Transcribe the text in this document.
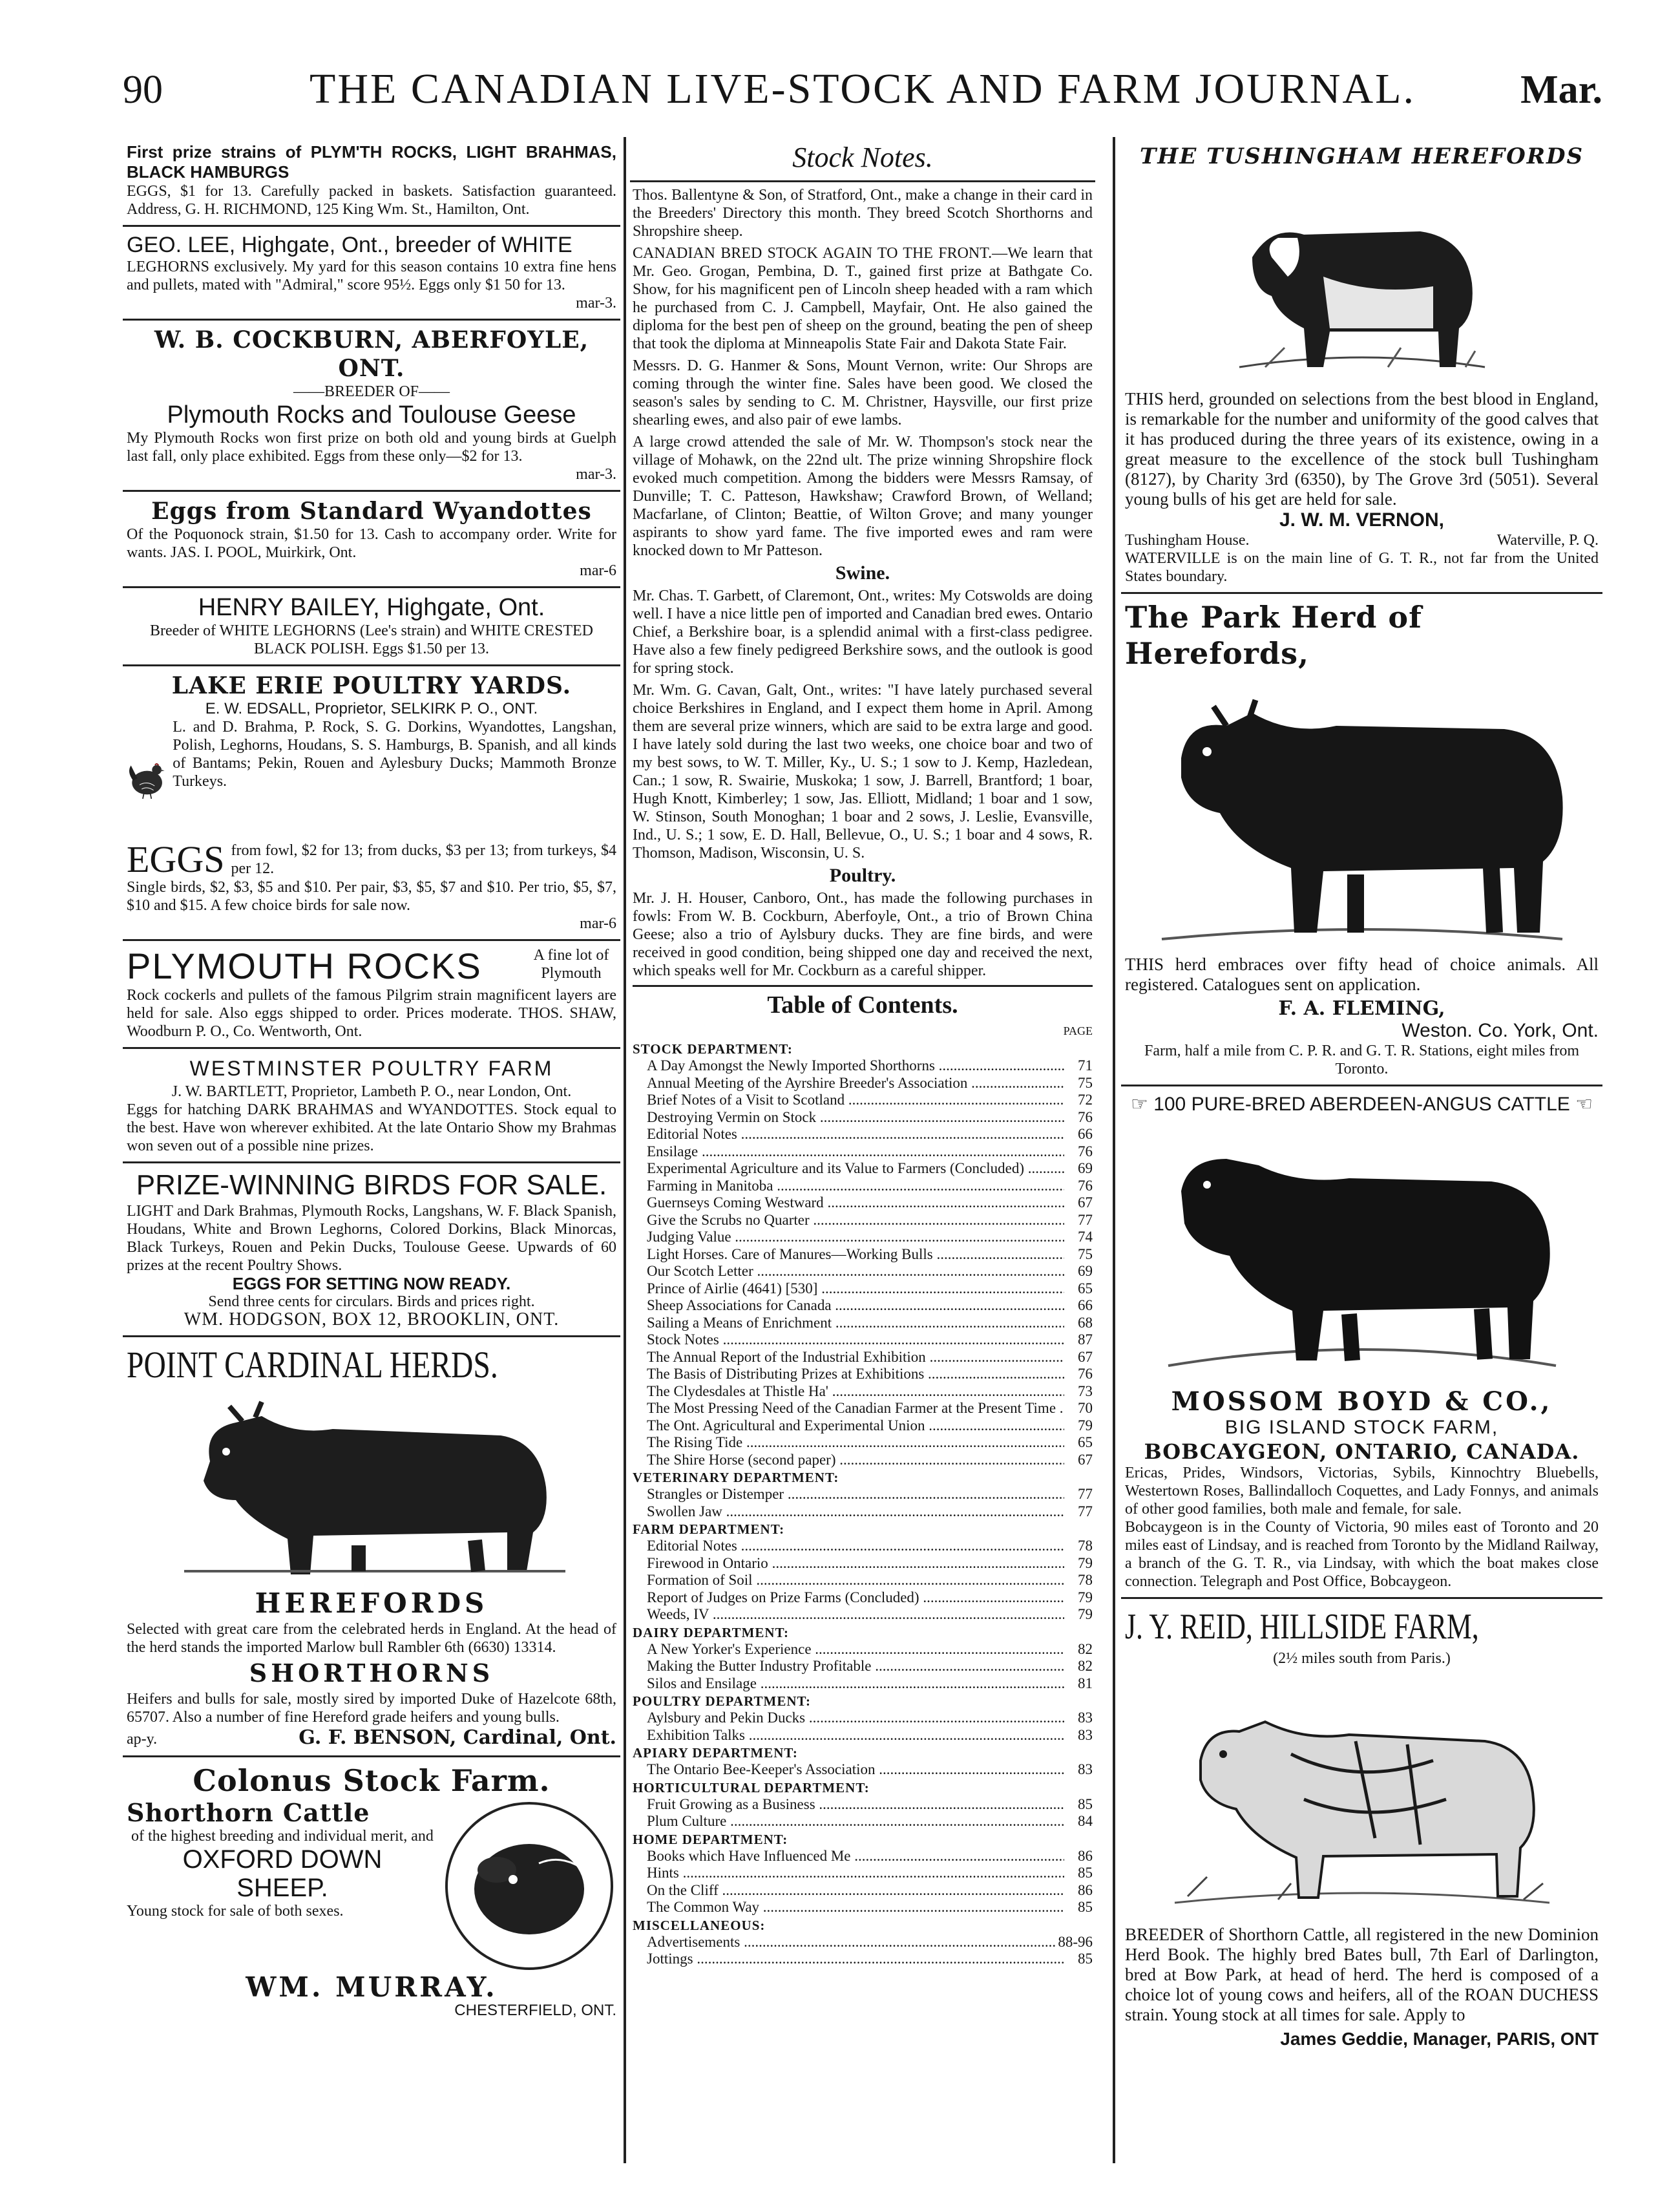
90	THE CANADIAN LIVE-STOCK AND FARM JOURNAL.	Mar.
First prize strains of PLYM'TH ROCKS, LIGHT BRAHMAS, BLACK HAMBURGS
EGGS, $1 for 13. Carefully packed in baskets. Satisfaction guaranteed. Address, G. H. RICHMOND, 125 King Wm. St., Hamilton, Ont.
GEO. LEE, Highgate, Ont., breeder of WHITE
LEGHORNS exclusively. My yard for this season contains 10 extra fine hens and pullets, mated with "Admiral," score 95½. Eggs only $1 50 for 13.
mar-3.
W. B. COCKBURN, ABERFOYLE, ONT.
——BREEDER OF——
Plymouth Rocks and Toulouse Geese
My Plymouth Rocks won first prize on both old and young birds at Guelph last fall, only place exhibited. Eggs from these only—$2 for 13.
mar-3.
Eggs from Standard Wyandottes
Of the Poquonock strain, $1.50 for 13. Cash to accompany order. Write for wants. JAS. I. POOL, Muirkirk, Ont.
mar-6
HENRY BAILEY, Highgate, Ont.
Breeder of WHITE LEGHORNS (Lee's strain) and WHITE CRESTED BLACK POLISH. Eggs $1.50 per 13.
LAKE ERIE POULTRY YARDS.
E. W. EDSALL, Proprietor, SELKIRK P. O., ONT.
L. and D. Brahma, P. Rock, S. G. Dorkins, Wyandottes, Langshan, Polish, Leghorns, Houdans, S. S. Hamburgs, B. Spanish, and all kinds of Bantams; Pekin, Rouen and Aylesbury Ducks; Mammoth Bronze Turkeys.
EGGS from fowl, $2 for 13; from ducks, $3 per 13; from turkeys, $4 per 12.
Single birds, $2, $3, $5 and $10. Per pair, $3, $5, $7 and $10. Per trio, $5, $7, $10 and $15. A few choice birds for sale now.
mar-6
PLYMOUTH ROCKS	A fine lot of Plymouth
Rock cockerls and pullets of the famous Pilgrim strain magnificent layers are held for sale. Also eggs shipped to order. Prices moderate. THOS. SHAW, Woodburn P. O., Co. Wentworth, Ont.
WESTMINSTER POULTRY FARM
J. W. BARTLETT, Proprietor, Lambeth P. O., near London, Ont.
Eggs for hatching DARK BRAHMAS and WYANDOTTES. Stock equal to the best. Have won wherever exhibited. At the late Ontario Show my Brahmas won seven out of a possible nine prizes.
PRIZE-WINNING BIRDS FOR SALE.
LIGHT and Dark Brahmas, Plymouth Rocks, Langshans, W. F. Black Spanish, Houdans, White and Brown Leghorns, Colored Dorkins, Black Minorcas, Black Turkeys, Rouen and Pekin Ducks, Toulouse Geese. Upwards of 60 prizes at the recent Poultry Shows.
EGGS FOR SETTING NOW READY.
Send three cents for circulars. Birds and prices right.
WM. HODGSON, BOX 12, BROOKLIN, ONT.
POINT CARDINAL HERDS.
HEREFORDS
Selected with great care from the celebrated herds in England. At the head of the herd stands the imported Marlow bull Rambler 6th (6630) 13314.
SHORTHORNS
Heifers and bulls for sale, mostly sired by imported Duke of Hazelcote 68th, 65707. Also a number of fine Hereford grade heifers and young bulls.
ap-y.	G. F. BENSON, Cardinal, Ont.
Colonus Stock Farm.
Shorthorn Cattle
of the highest breeding and individual merit, and
OXFORD DOWN
SHEEP.
Young stock for sale of both sexes.
WM. MURRAY.
CHESTERFIELD, ONT.
Stock Notes.
Thos. Ballentyne & Son, of Stratford, Ont., make a change in their card in the Breeders' Directory this month. They breed Scotch Shorthorns and Shropshire sheep.
CANADIAN BRED STOCK AGAIN TO THE FRONT.—We learn that Mr. Geo. Grogan, Pembina, D. T., gained first prize at Bathgate Co. Show, for his magnificent pen of Lincoln sheep headed with a ram which he purchased from C. J. Campbell, Mayfair, Ont. He also gained the diploma for the best pen of sheep on the ground, beating the pen of sheep that took the diploma at Minneapolis State Fair and Dakota State Fair.
Messrs. D. G. Hanmer & Sons, Mount Vernon, write: Our Shrops are coming through the winter fine. Sales have been good. We closed the season's sales by sending to C. M. Christner, Haysville, our first prize shearling ewes, and also pair of ewe lambs.
A large crowd attended the sale of Mr. W. Thompson's stock near the village of Mohawk, on the 22nd ult. The prize winning Shropshire flock evoked much competition. Among the bidders were Messrs Ramsay, of Dunville; T. C. Patteson, Hawkshaw; Crawford Brown, of Welland; Macfarlane, of Clinton; Beattie, of Wilton Grove; and many younger aspirants to show yard fame. The five imported ewes and ram were knocked down to Mr Patteson.
Swine.
Mr. Chas. T. Garbett, of Claremont, Ont., writes: My Cotswolds are doing well. I have a nice little pen of imported and Canadian bred ewes. Ontario Chief, a Berkshire boar, is a splendid animal with a first-class pedigree. Have also a few finely pedigreed Berkshire sows, and the outlook is good for spring stock.
Mr. Wm. G. Cavan, Galt, Ont., writes: "I have lately purchased several choice Berkshires in England, and I expect them home in April. Among them are several prize winners, which are said to be extra large and good. I have lately sold during the last two weeks, one choice boar and two of my best sows, to W. T. Miller, Ky., U. S.; 1 sow to J. Kemp, Hazledean, Can.; 1 sow, R. Swairie, Muskoka; 1 sow, J. Barrell, Brantford; 1 boar, Hugh Knott, Kimberley; 1 sow, Jas. Elliott, Midland; 1 boar and 1 sow, W. Stinson, South Monoghan; 1 boar and 2 sows, J. Leslie, Evansville, Ind., U. S.; 1 sow, E. D. Hall, Bellevue, O., U. S.; 1 boar and 4 sows, R. Thomson, Madison, Wisconsin, U. S.
Poultry.
Mr. J. H. Houser, Canboro, Ont., has made the following purchases in fowls: From W. B. Cockburn, Aberfoyle, Ont., a trio of Brown China Geese; also a trio of Aylsbury ducks. They are fine birds, and were received in good condition, being shipped one day and received the next, which speaks well for Mr. Cockburn as a careful shipper.
Table of Contents.
PAGE
STOCK DEPARTMENT:
A Day Amongst the Newly Imported Shorthorns .....	71
Annual Meeting of the Ayrshire Breeder's Association .....	75
Brief Notes of a Visit to Scotland .....	72
Destroying Vermin on Stock .....	76
Editorial Notes .....	66
Ensilage .....	76
Experimental Agriculture and its Value to Farmers (Concluded) .....	69
Farming in Manitoba .....	76
Guernseys Coming Westward .....	67
Give the Scrubs no Quarter .....	77
Judging Value .....	74
Light Horses. Care of Manures—Working Bulls .....	75
Our Scotch Letter .....	69
Prince of Airlie (4641) [530] .....	65
Sheep Associations for Canada .....	66
Sailing a Means of Enrichment .....	68
Stock Notes .....	87
The Annual Report of the Industrial Exhibition .....	67
The Basis of Distributing Prizes at Exhibitions .....	76
The Clydesdales at Thistle Ha' .....	73
The Most Pressing Need of the Canadian Farmer at the Present Time .....	70
The Ont. Agricultural and Experimental Union .....	79
The Rising Tide .....	65
The Shire Horse (second paper) .....	67
VETERINARY DEPARTMENT:
Strangles or Distemper .....	77
Swollen Jaw .....	77
FARM DEPARTMENT:
Editorial Notes .....	78
Firewood in Ontario .....	79
Formation of Soil .....	78
Report of Judges on Prize Farms (Concluded) .....	79
Weeds, IV .....	79
DAIRY DEPARTMENT:
A New Yorker's Experience .....	82
Making the Butter Industry Profitable .....	82
Silos and Ensilage .....	81
POULTRY DEPARTMENT:
Aylsbury and Pekin Ducks .....	83
Exhibition Talks .....	83
APIARY DEPARTMENT:
The Ontario Bee-Keeper's Association .....	83
HORTICULTURAL DEPARTMENT:
Fruit Growing as a Business .....	85
Plum Culture .....	84
HOME DEPARTMENT:
Books which Have Influenced Me .....	86
Hints .....	85
On the Cliff .....	86
The Common Way .....	85
MISCELLANEOUS:
Advertisements .....	88-96
Jottings .....	85
THE TUSHINGHAM HEREFORDS
THIS herd, grounded on selections from the best blood in England, is remarkable for the number and uniformity of the good calves that it has produced during the three years of its existence, owing in a great measure to the excellence of the stock bull Tushingham (8127), by Charity 3rd (6350), by The Grove 3rd (5051). Several young bulls of his get are held for sale.
J. W. M. VERNON,
Tushingham House.	Waterville, P. Q.
WATERVILLE is on the main line of G. T. R., not far from the United States boundary.
The Park Herd of Herefords,
THIS herd embraces over fifty head of choice animals. All registered. Catalogues sent on application.
F. A. FLEMING,
Weston. Co. York, Ont.
Farm, half a mile from C. P. R. and G. T. R. Stations, eight miles from Toronto.
☞ 100 PURE-BRED ABERDEEN-ANGUS CATTLE ☜
MOSSOM BOYD & CO.,
BIG ISLAND STOCK FARM,
BOBCAYGEON, ONTARIO, CANADA.
Ericas, Prides, Windsors, Victorias, Sybils, Kinnochtry Bluebells, Westertown Roses, Ballindalloch Coquettes, and Lady Fonnys, and animals of other good families, both male and female, for sale.
Bobcaygeon is in the County of Victoria, 90 miles east of Toronto and 20 miles east of Lindsay, and is reached from Toronto by the Midland Railway, a branch of the G. T. R., via Lindsay, with which the boat makes close connection. Telegraph and Post Office, Bobcaygeon.
J. Y. REID, HILLSIDE FARM,
(2½ miles south from Paris.)
BREEDER of Shorthorn Cattle, all registered in the new Dominion Herd Book. The highly bred Bates bull, 7th Earl of Darlington, bred at Bow Park, at head of herd. The herd is composed of a choice lot of young cows and heifers, all of the ROAN DUCHESS strain. Young stock at all times for sale. Apply to
James Geddie, Manager, PARIS, ONT
